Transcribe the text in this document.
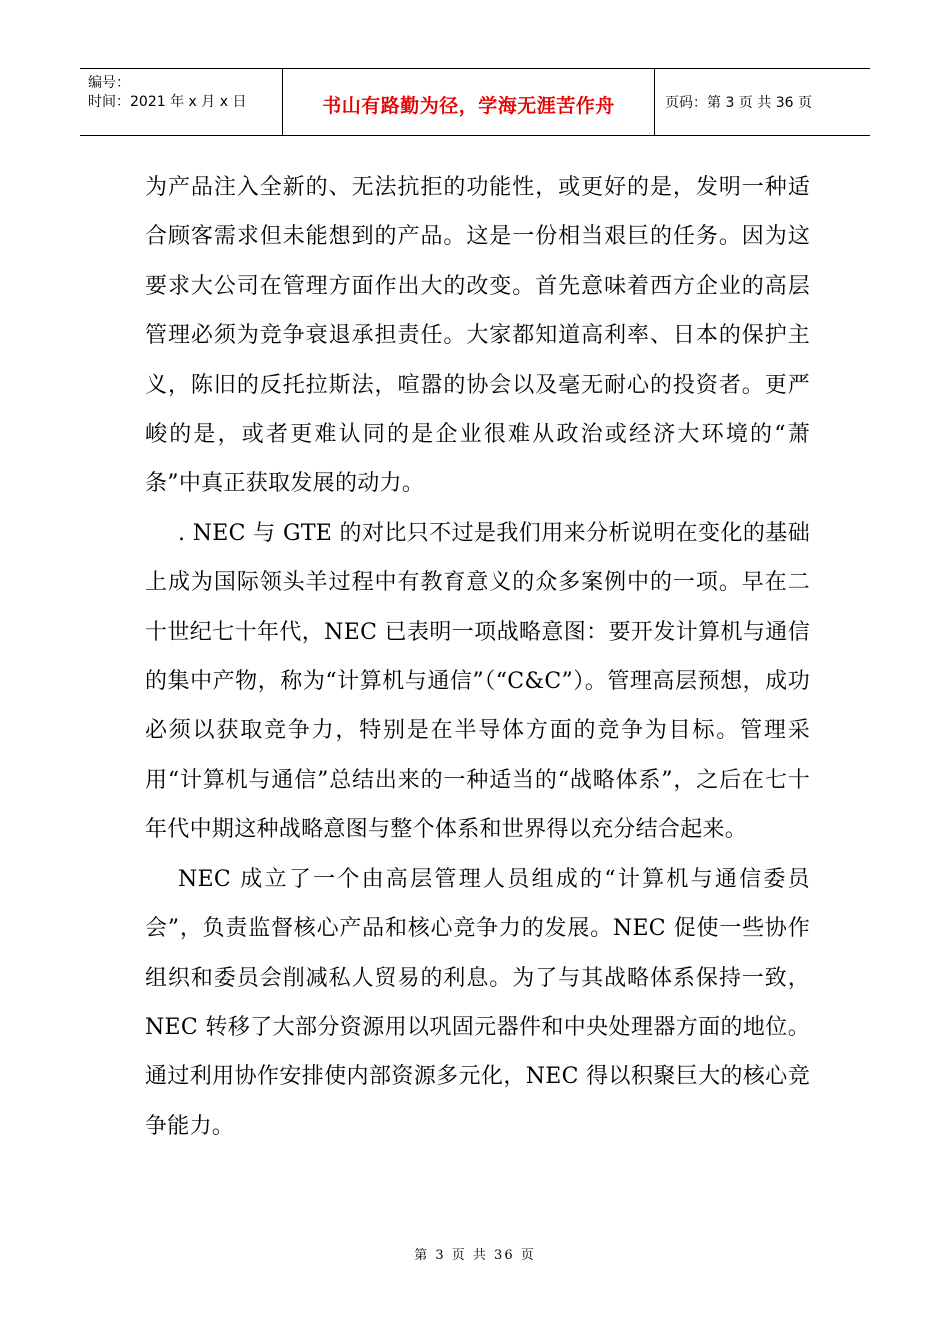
编号：
时间：2021 年 x 月 x 日	书山有路勤为径，学海无涯苦作舟	页码：第 3 页 共 36 页

为产品注入全新的、无法抗拒的功能性，或更好的是，发明一种适合顾客需求但未能想到的产品。这是一份相当艰巨的任务。因为这要求大公司在管理方面作出大的改变。首先意味着西方企业的高层管理必须为竞争衰退承担责任。大家都知道高利率、日本的保护主义，陈旧的反托拉斯法，喧嚣的协会以及毫无耐心的投资者。更严峻的是，或者更难认同的是企业很难从政治或经济大环境的“萧条”中真正获取发展的动力。

. NEC 与 GTE 的对比只不过是我们用来分析说明在变化的基础上成为国际领头羊过程中有教育意义的众多案例中的一项。早在二十世纪七十年代，NEC 已表明一项战略意图：要开发计算机与通信的集中产物，称为“计算机与通信”（“C&C”）。管理高层预想，成功必须以获取竞争力，特别是在半导体方面的竞争为目标。管理采用“计算机与通信”总结出来的一种适当的“战略体系”，之后在七十年代中期这种战略意图与整个体系和世界得以充分结合起来。

NEC 成立了一个由高层管理人员组成的“计算机与通信委员会”，负责监督核心产品和核心竞争力的发展。NEC 促使一些协作组织和委员会削减私人贸易的利息。为了与其战略体系保持一致，NEC 转移了大部分资源用以巩固元器件和中央处理器方面的地位。通过利用协作安排使内部资源多元化，NEC 得以积聚巨大的核心竞争能力。

第 3 页 共 36 页
